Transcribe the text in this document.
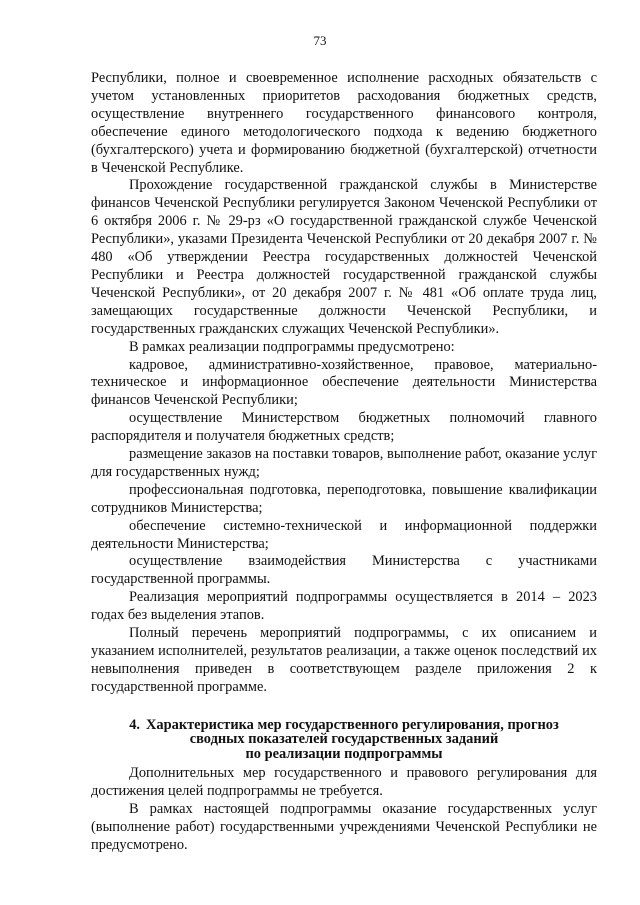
73

Республики, полное и своевременное исполнение расходных обязательств с учетом установленных приоритетов расходования бюджетных средств, осуществление внутреннего государственного финансового контроля, обеспечение единого методологического подхода к ведению бюджетного (бухгалтерского) учета и формированию бюджетной (бухгалтерской) отчетности в Чеченской Республике.

Прохождение государственной гражданской службы в Министерстве финансов Чеченской Республики регулируется Законом Чеченской Республики от 6 октября 2006 г. № 29-рз «О государственной гражданской службе Чеченской Республики», указами Президента Чеченской Республики от 20 декабря 2007 г. № 480 «Об утверждении Реестра государственных должностей Чеченской Республики и Реестра должностей государственной гражданской службы Чеченской Республики», от 20 декабря 2007 г. № 481 «Об оплате труда лиц, замещающих государственные должности Чеченской Республики, и государственных гражданских служащих Чеченской Республики».

В рамках реализации подпрограммы предусмотрено:

кадровое, административно-хозяйственное, правовое, материально-техническое и информационное обеспечение деятельности Министерства финансов Чеченской Республики;

осуществление Министерством бюджетных полномочий главного распорядителя и получателя бюджетных средств;

размещение заказов на поставки товаров, выполнение работ, оказание услуг для государственных нужд;

профессиональная подготовка, переподготовка, повышение квалификации сотрудников Министерства;

обеспечение системно-технической и информационной поддержки деятельности Министерства;

осуществление взаимодействия Министерства с участниками государственной программы.

Реализация мероприятий подпрограммы осуществляется в 2014 – 2023 годах без выделения этапов.

Полный перечень мероприятий подпрограммы, с их описанием и указанием исполнителей, результатов реализации, а также оценок последствий их невыполнения приведен в соответствующем разделе приложения 2 к государственной программе.

4. Характеристика мер государственного регулирования, прогноз
сводных показателей государственных заданий
по реализации подпрограммы

Дополнительных мер государственного и правового регулирования для достижения целей подпрограммы не требуется.

В рамках настоящей подпрограммы оказание государственных услуг (выполнение работ) государственными учреждениями Чеченской Республики не предусмотрено.
